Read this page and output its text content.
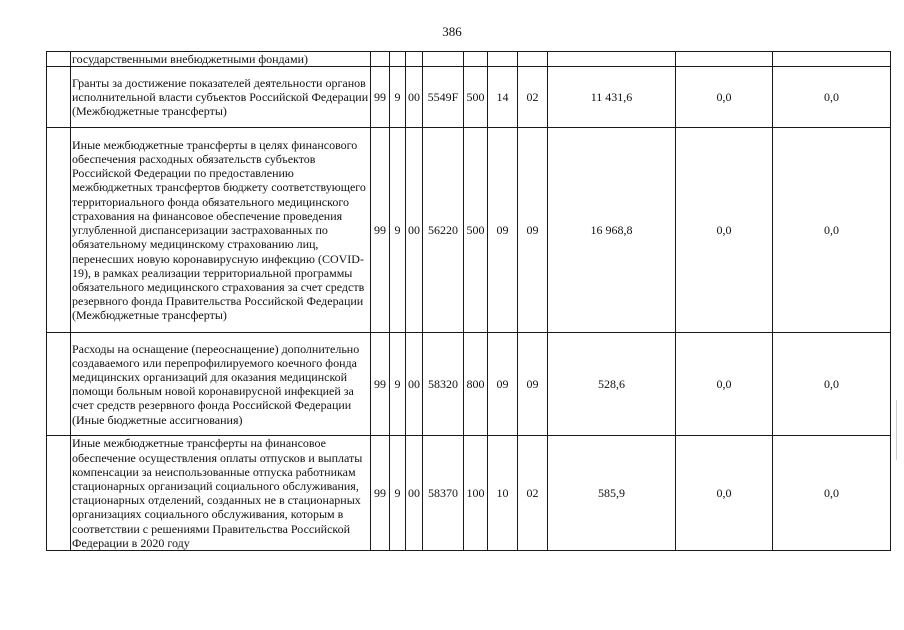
386
	государственными внебюджетными фондами)										
	Гранты за достижение показателей деятельности органов исполнительной власти субъектов Российской Федерации (Межбюджетные трансферты)	99	9	00	5549F	500	14	02	11 431,6	0,0	0,0
	Иные межбюджетные трансферты в целях финансового обеспечения расходных обязательств субъектов Российской Федерации по предоставлению межбюджетных трансфертов бюджету соответствующего территориального фонда обязательного медицинского страхования на финансовое обеспечение проведения углубленной диспансеризации застрахованных по обязательному медицинскому страхованию лиц, перенесших новую коронавирусную инфекцию (COVID-19), в рамках реализации территориальной программы обязательного медицинского страхования за счет средств резервного фонда Правительства Российской Федерации (Межбюджетные трансферты)	99	9	00	56220	500	09	09	16 968,8	0,0	0,0
	Расходы на оснащение (переоснащение) дополнительно создаваемого или перепрофилируемого коечного фонда медицинских организаций для оказания медицинской помощи больным новой коронавирусной инфекцией за счет средств резервного фонда Российской Федерации (Иные бюджетные ассигнования)	99	9	00	58320	800	09	09	528,6	0,0	0,0
	Иные межбюджетные трансферты на финансовое обеспечение осуществления оплаты отпусков и выплаты компенсации за неиспользованные отпуска работникам стационарных организаций социального обслуживания, стационарных отделений, созданных не в стационарных организациях социального обслуживания, которым в соответствии с решениями Правительства Российской Федерации в 2020 году	99	9	00	58370	100	10	02	585,9	0,0	0,0
